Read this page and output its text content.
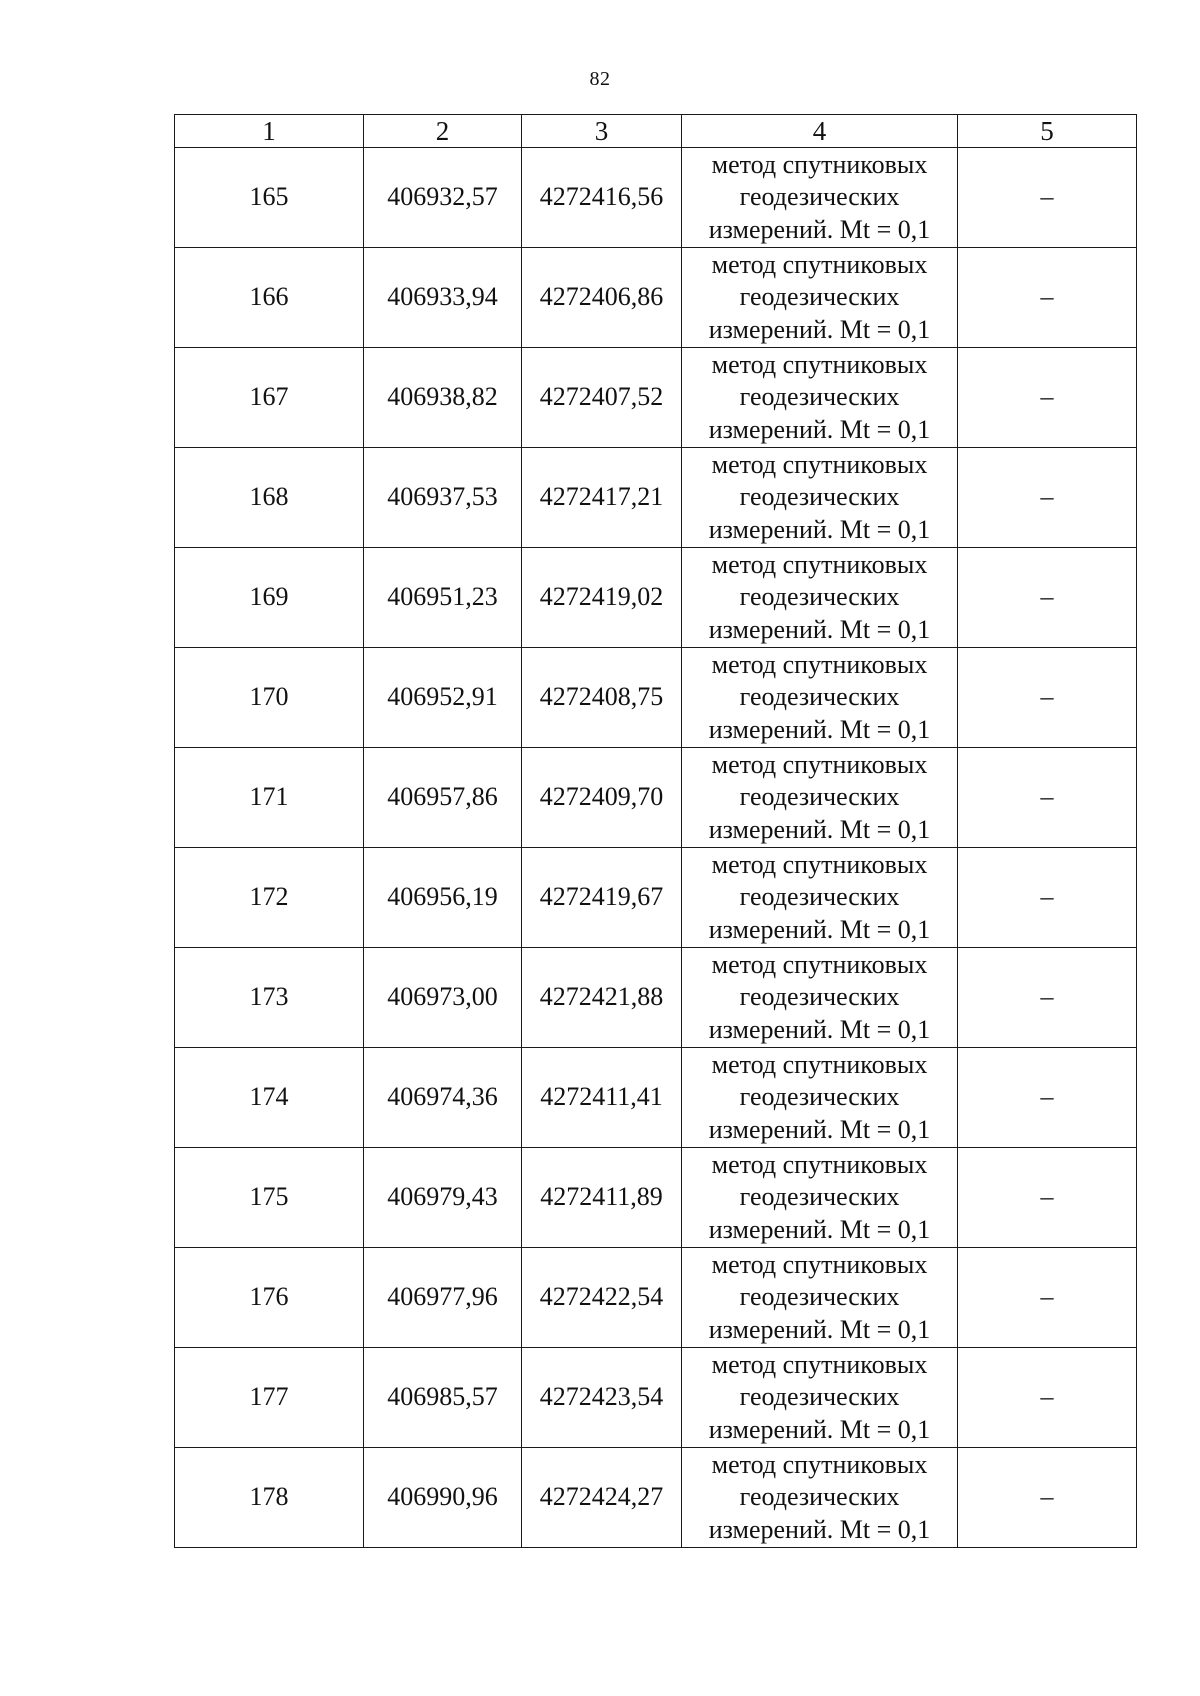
82
1	2	3	4	5
165	406932,57	4272416,56	метод спутниковых
геодезических
измерений. Mt = 0,1	–
166	406933,94	4272406,86	метод спутниковых
геодезических
измерений. Mt = 0,1	–
167	406938,82	4272407,52	метод спутниковых
геодезических
измерений. Mt = 0,1	–
168	406937,53	4272417,21	метод спутниковых
геодезических
измерений. Mt = 0,1	–
169	406951,23	4272419,02	метод спутниковых
геодезических
измерений. Mt = 0,1	–
170	406952,91	4272408,75	метод спутниковых
геодезических
измерений. Mt = 0,1	–
171	406957,86	4272409,70	метод спутниковых
геодезических
измерений. Mt = 0,1	–
172	406956,19	4272419,67	метод спутниковых
геодезических
измерений. Mt = 0,1	–
173	406973,00	4272421,88	метод спутниковых
геодезических
измерений. Mt = 0,1	–
174	406974,36	4272411,41	метод спутниковых
геодезических
измерений. Mt = 0,1	–
175	406979,43	4272411,89	метод спутниковых
геодезических
измерений. Mt = 0,1	–
176	406977,96	4272422,54	метод спутниковых
геодезических
измерений. Mt = 0,1	–
177	406985,57	4272423,54	метод спутниковых
геодезических
измерений. Mt = 0,1	–
178	406990,96	4272424,27	метод спутниковых
геодезических
измерений. Mt = 0,1	–
